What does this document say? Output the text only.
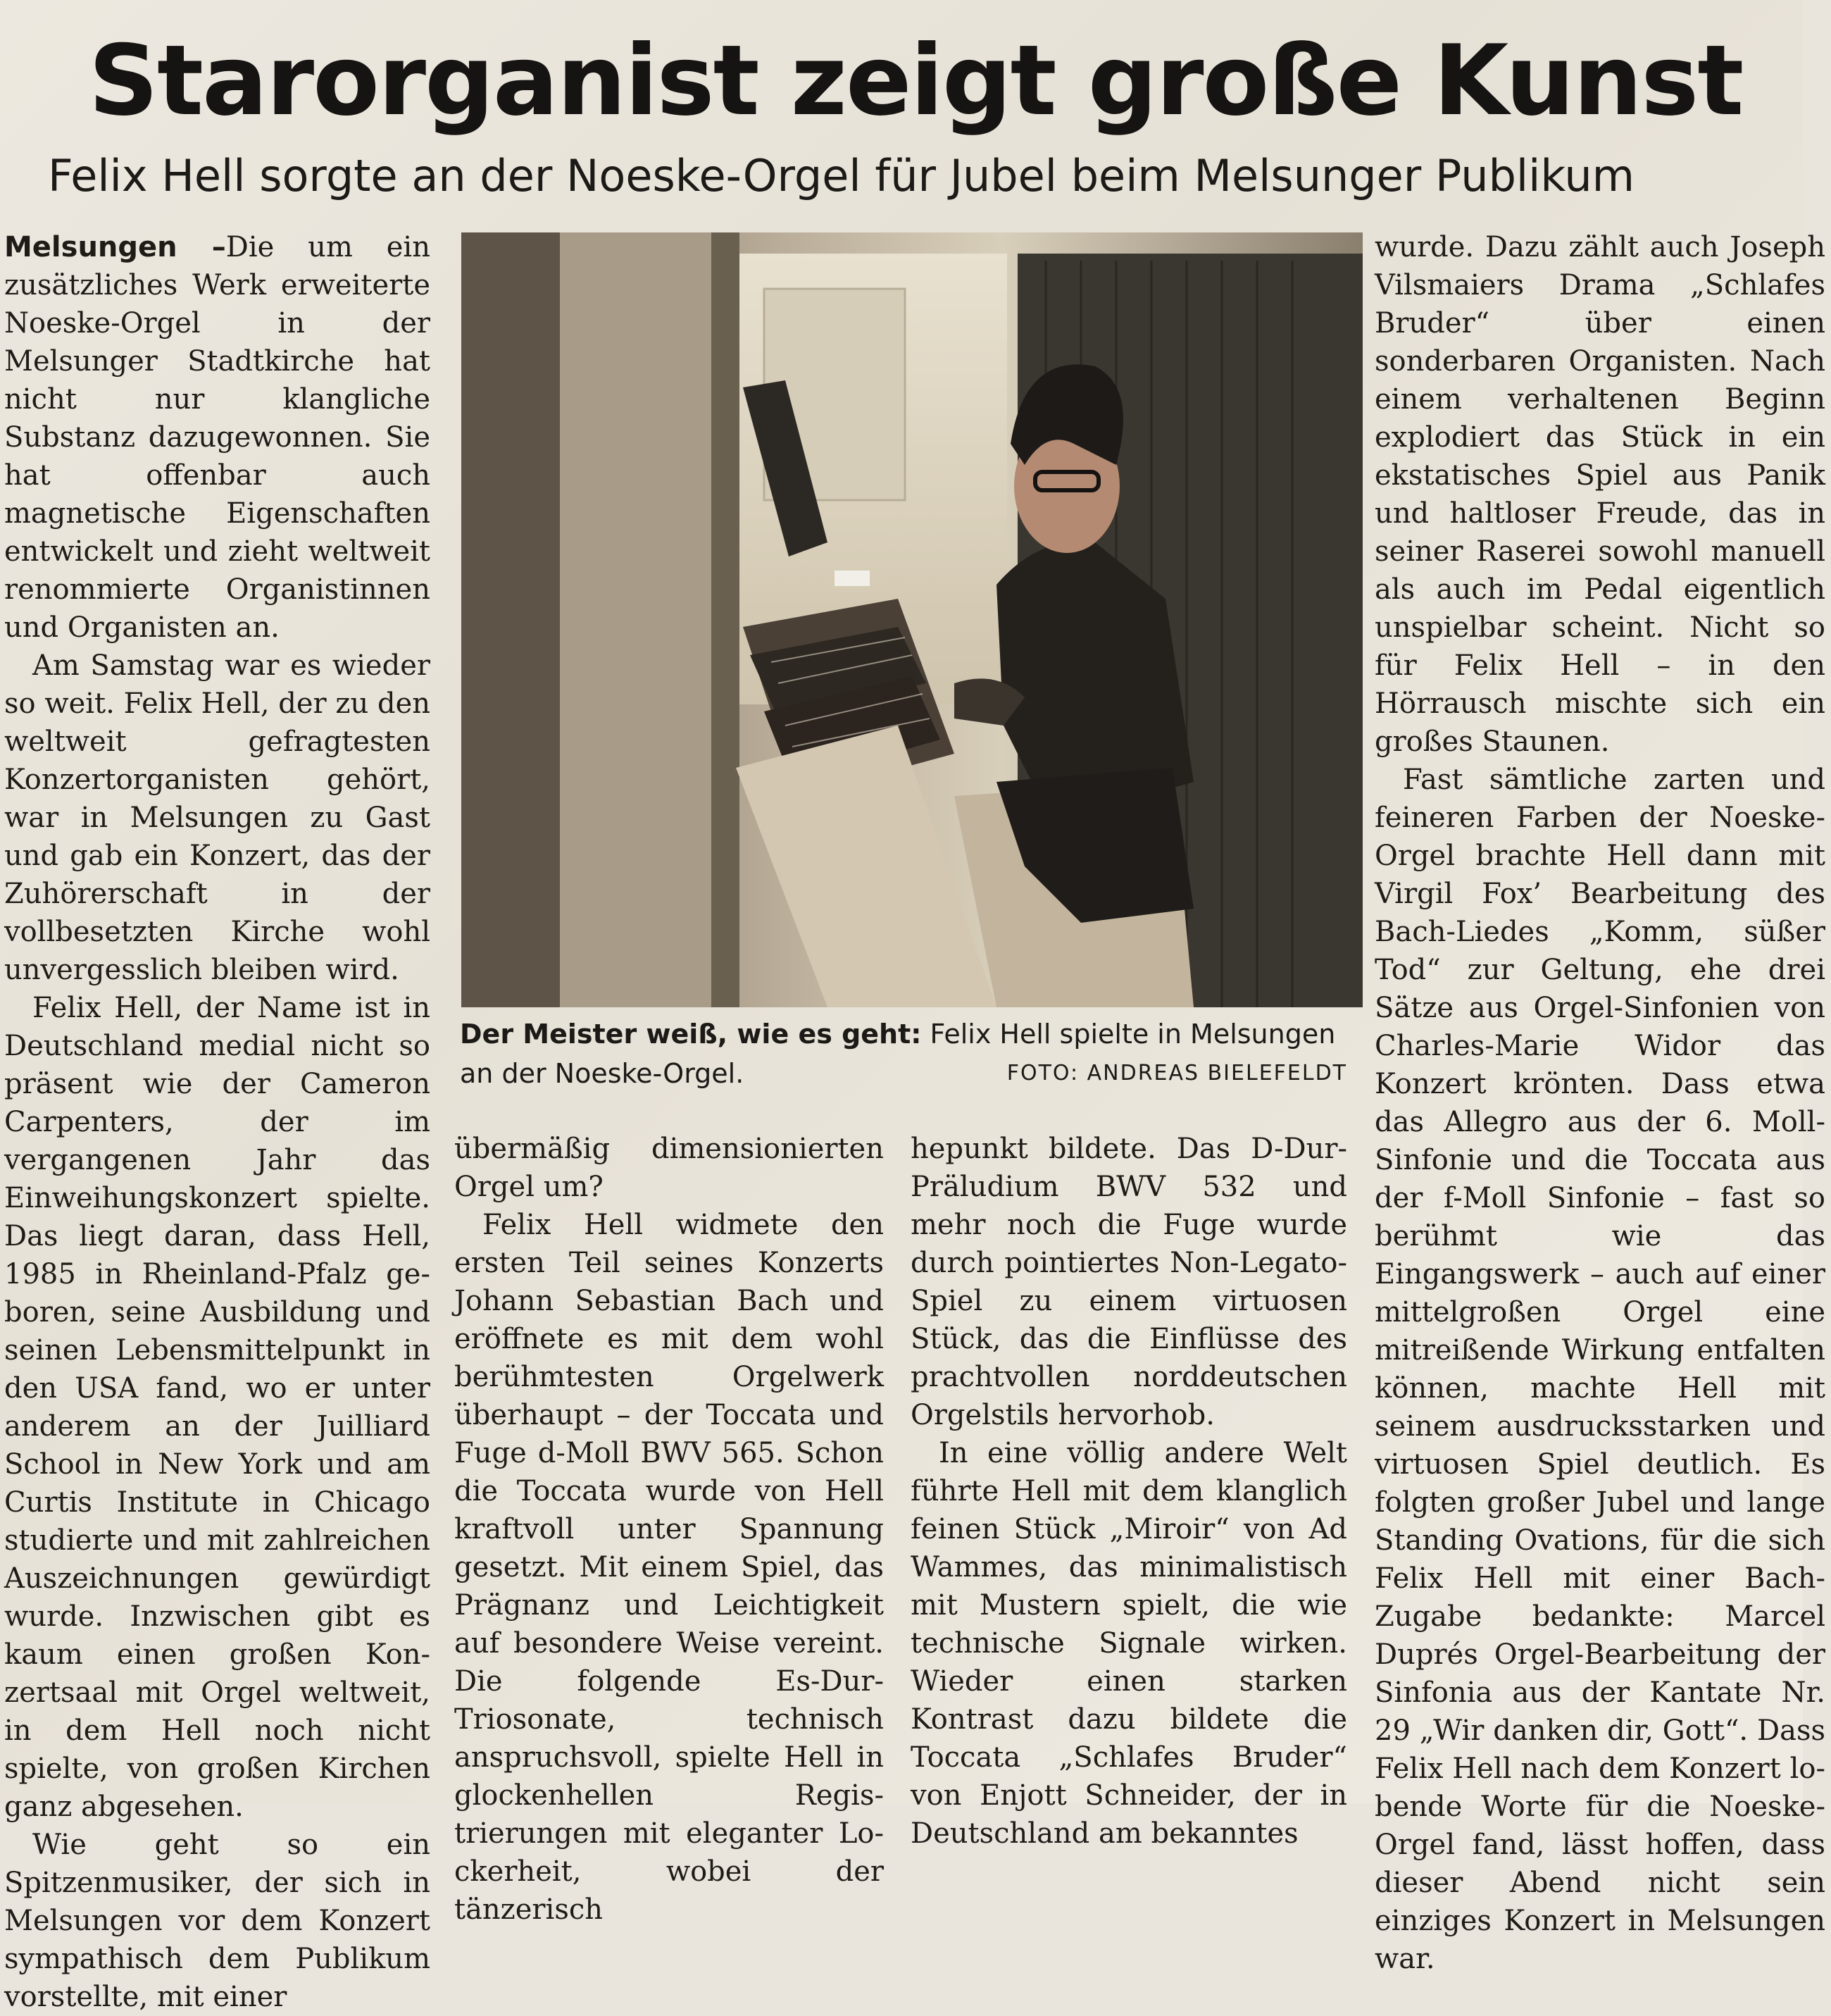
Starorganist zeigt große Kunst
Felix Hell sorgte an der Noeske-Orgel für Jubel beim Melsunger Publikum

Melsungen –Die um ein zusätzliches Werk erweiterte Noeske-Orgel in der Melsunger Stadtkirche hat nicht nur klangliche Substanz dazugewonnen. Sie hat offenbar auch magnetische Eigenschaften entwickelt und zieht weltweit renommierte Organistinnen und Organisten an.

Am Samstag war es wieder so weit. Felix Hell, der zu den weltweit gefragtesten Konzertorganisten gehört, war in Melsungen zu Gast und gab ein Konzert, das der Zuhörerschaft in der vollbesetzten Kirche wohl unvergesslich bleiben wird.

Felix Hell, der Name ist in Deutschland medial nicht so präsent wie der Cameron Carpenters, der im vergangenen Jahr das Einweihungskonzert spielte. Das liegt daran, dass Hell, 1985 in Rheinland-Pfalz geboren, seine Ausbildung und seinen Lebensmittelpunkt in den USA fand, wo er unter anderem an der Juilliard School in New York und am Curtis Institute in Chicago studierte und mit zahlreichen Auszeichnungen gewürdigt wurde. Inzwischen gibt es kaum einen großen Konzertsaal mit Orgel weltweit, in dem Hell noch nicht spielte, von großen Kirchen ganz abgesehen.

Wie geht so ein Spitzenmusiker, der sich in Melsungen vor dem Konzert sympathisch dem Publikum vorstellte, mit einer

Der Meister weiß, wie es geht: Felix Hell spielte in Melsungen an der Noeske-Orgel.	FOTO: ANDREAS BIELEFELDT

übermäßig dimensionierten Orgel um?

Felix Hell widmete den ersten Teil seines Konzerts Johann Sebastian Bach und eröffnete es mit dem wohl berühmtesten Orgelwerk überhaupt – der Toccata und Fuge d-Moll BWV 565. Schon die Toccata wurde von Hell kraftvoll unter Spannung gesetzt. Mit einem Spiel, das Prägnanz und Leichtigkeit auf besondere Weise vereint. Die folgende Es-Dur-Triosonate, technisch anspruchsvoll, spielte Hell in glockenhellen Registrierungen mit eleganter Lockerheit, wobei der tänzerisch

hepunkt bildete. Das D-Dur-Präludium BWV 532 und mehr noch die Fuge wurde durch pointiertes Non-Legato-Spiel zu einem virtuosen Stück, das die Einflüsse des prachtvollen norddeutschen Orgelstils hervorhob.

In eine völlig andere Welt führte Hell mit dem klanglich feinen Stück „Miroir“ von Ad Wammes, das minimalistisch mit Mustern spielt, die wie technische Signale wirken. Wieder einen starken Kontrast dazu bildete die Toccata „Schlafes Bruder“ von Enjott Schneider, der in Deutschland am bekanntes

wurde. Dazu zählt auch Joseph Vilsmaiers Drama „Schlafes Bruder“ über einen sonderbaren Organisten. Nach einem verhaltenen Beginn explodiert das Stück in ein ekstatisches Spiel aus Panik und haltloser Freude, das in seiner Raserei sowohl manuell als auch im Pedal eigentlich unspielbar scheint. Nicht so für Felix Hell – in den Hörrausch mischte sich ein großes Staunen.

Fast sämtliche zarten und feineren Farben der Noeske-Orgel brachte Hell dann mit Virgil Fox’ Bearbeitung des Bach-Liedes „Komm, süßer Tod“ zur Geltung, ehe drei Sätze aus Orgel-Sinfonien von Charles-Marie Widor das Konzert krönten. Dass etwa das Allegro aus der 6. Moll-Sinfonie und die Toccata aus der f-Moll Sinfonie – fast so berühmt wie das Eingangswerk – auch auf einer mittelgroßen Orgel eine mitreißende Wirkung entfalten können, machte Hell mit seinem ausdrucksstarken und virtuosen Spiel deutlich. Es folgten großer Jubel und lange Standing Ovations, für die sich Felix Hell mit einer Bach-Zugabe bedankte: Marcel Duprés Orgel-Bearbeitung der Sinfonia aus der Kantate Nr. 29 „Wir danken dir, Gott“. Dass Felix Hell nach dem Konzert lobende Worte für die Noeske-Orgel fand, lässt hoffen, dass dieser Abend nicht sein einziges Konzert in Melsungen war.
